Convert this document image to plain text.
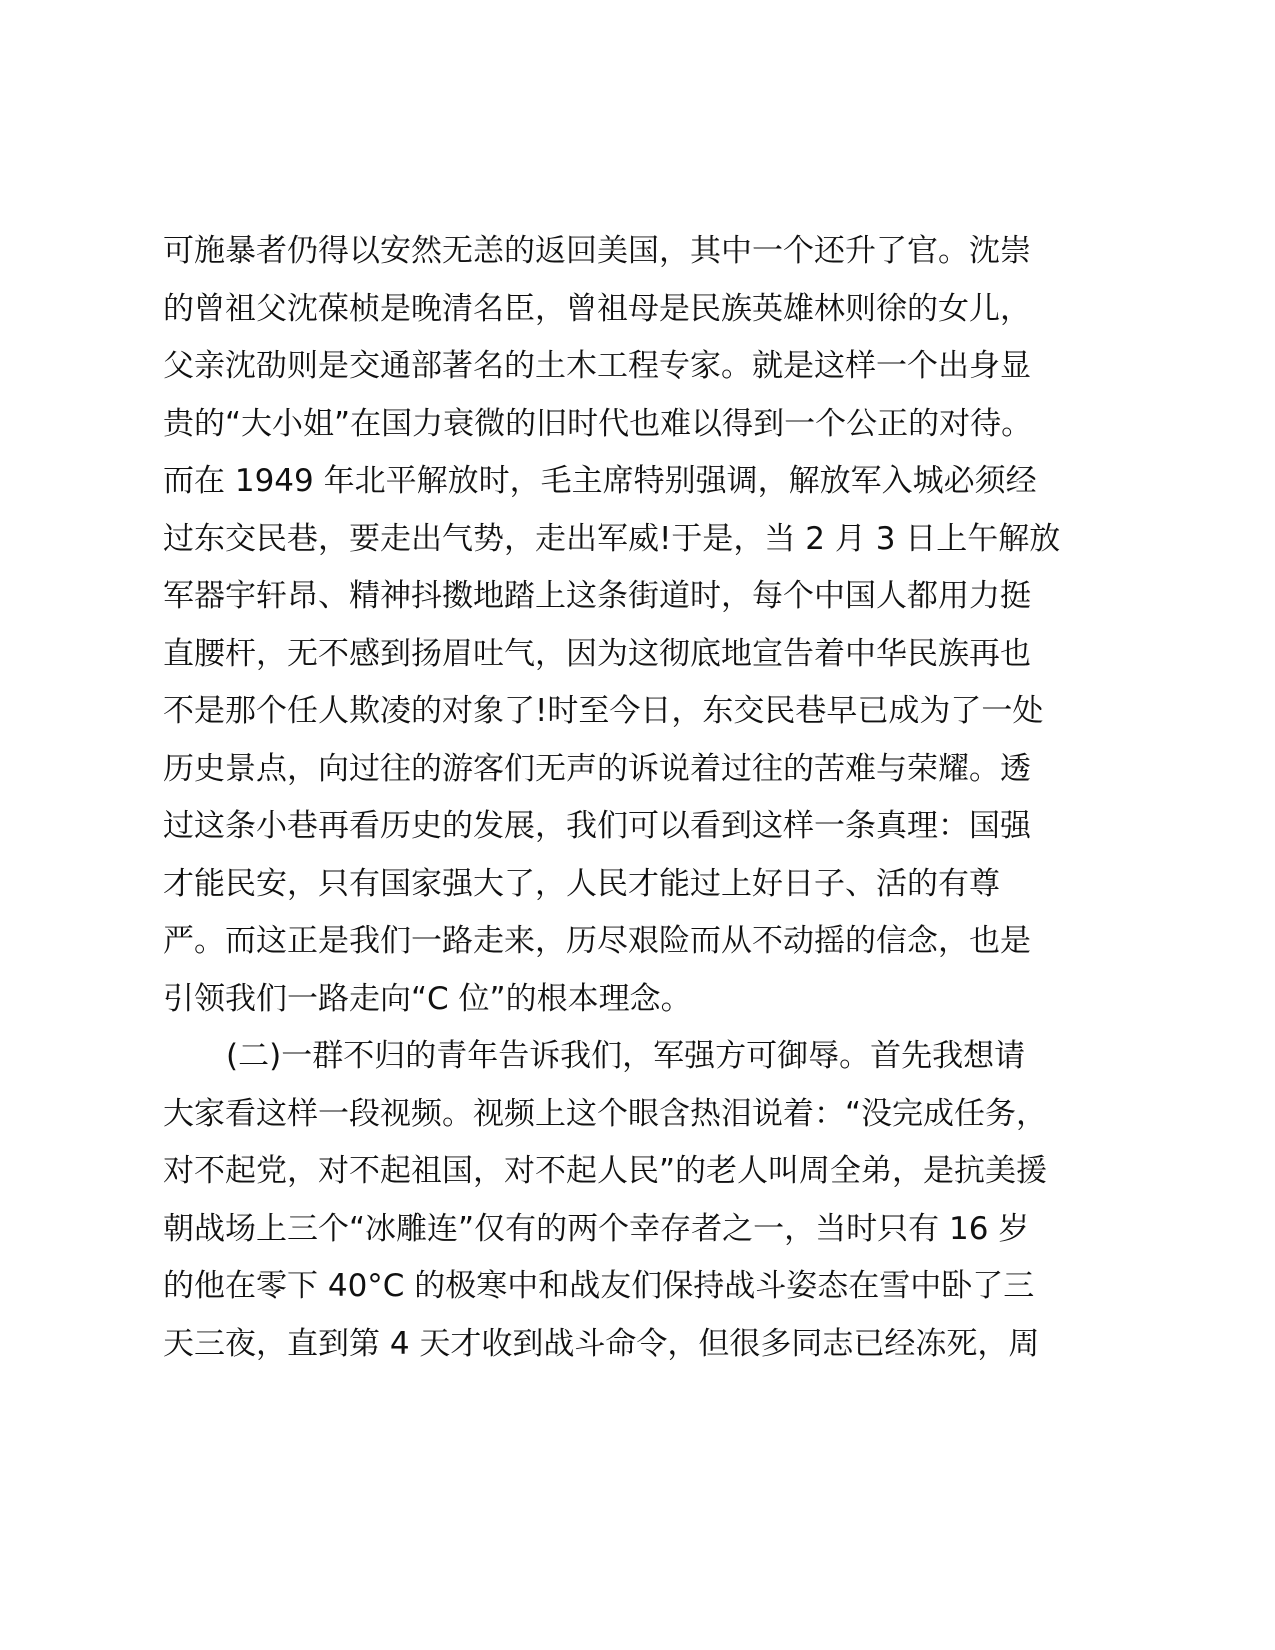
可施暴者仍得以安然无恙的返回美国，其中一个还升了官。沈崇
的曾祖父沈葆桢是晚清名臣，曾祖母是民族英雄林则徐的女儿，
父亲沈劭则是交通部著名的土木工程专家。就是这样一个出身显
贵的“大小姐”在国力衰微的旧时代也难以得到一个公正的对待。
而在 1949 年北平解放时，毛主席特别强调，解放军入城必须经
过东交民巷，要走出气势，走出军威!于是，当 2 月 3 日上午解放
军器宇轩昂、精神抖擞地踏上这条街道时，每个中国人都用力挺
直腰杆，无不感到扬眉吐气，因为这彻底地宣告着中华民族再也
不是那个任人欺凌的对象了!时至今日，东交民巷早已成为了一处
历史景点，向过往的游客们无声的诉说着过往的苦难与荣耀。透
过这条小巷再看历史的发展，我们可以看到这样一条真理：国强
才能民安，只有国家强大了，人民才能过上好日子、活的有尊
严。而这正是我们一路走来，历尽艰险而从不动摇的信念，也是
引领我们一路走向“C 位”的根本理念。
(二)一群不归的青年告诉我们，军强方可御辱。首先我想请
大家看这样一段视频。视频上这个眼含热泪说着：“没完成任务，
对不起党，对不起祖国，对不起人民”的老人叫周全弟，是抗美援
朝战场上三个“冰雕连”仅有的两个幸存者之一，当时只有 16 岁
的他在零下 40°C 的极寒中和战友们保持战斗姿态在雪中卧了三
天三夜，直到第 4 天才收到战斗命令，但很多同志已经冻死，周
